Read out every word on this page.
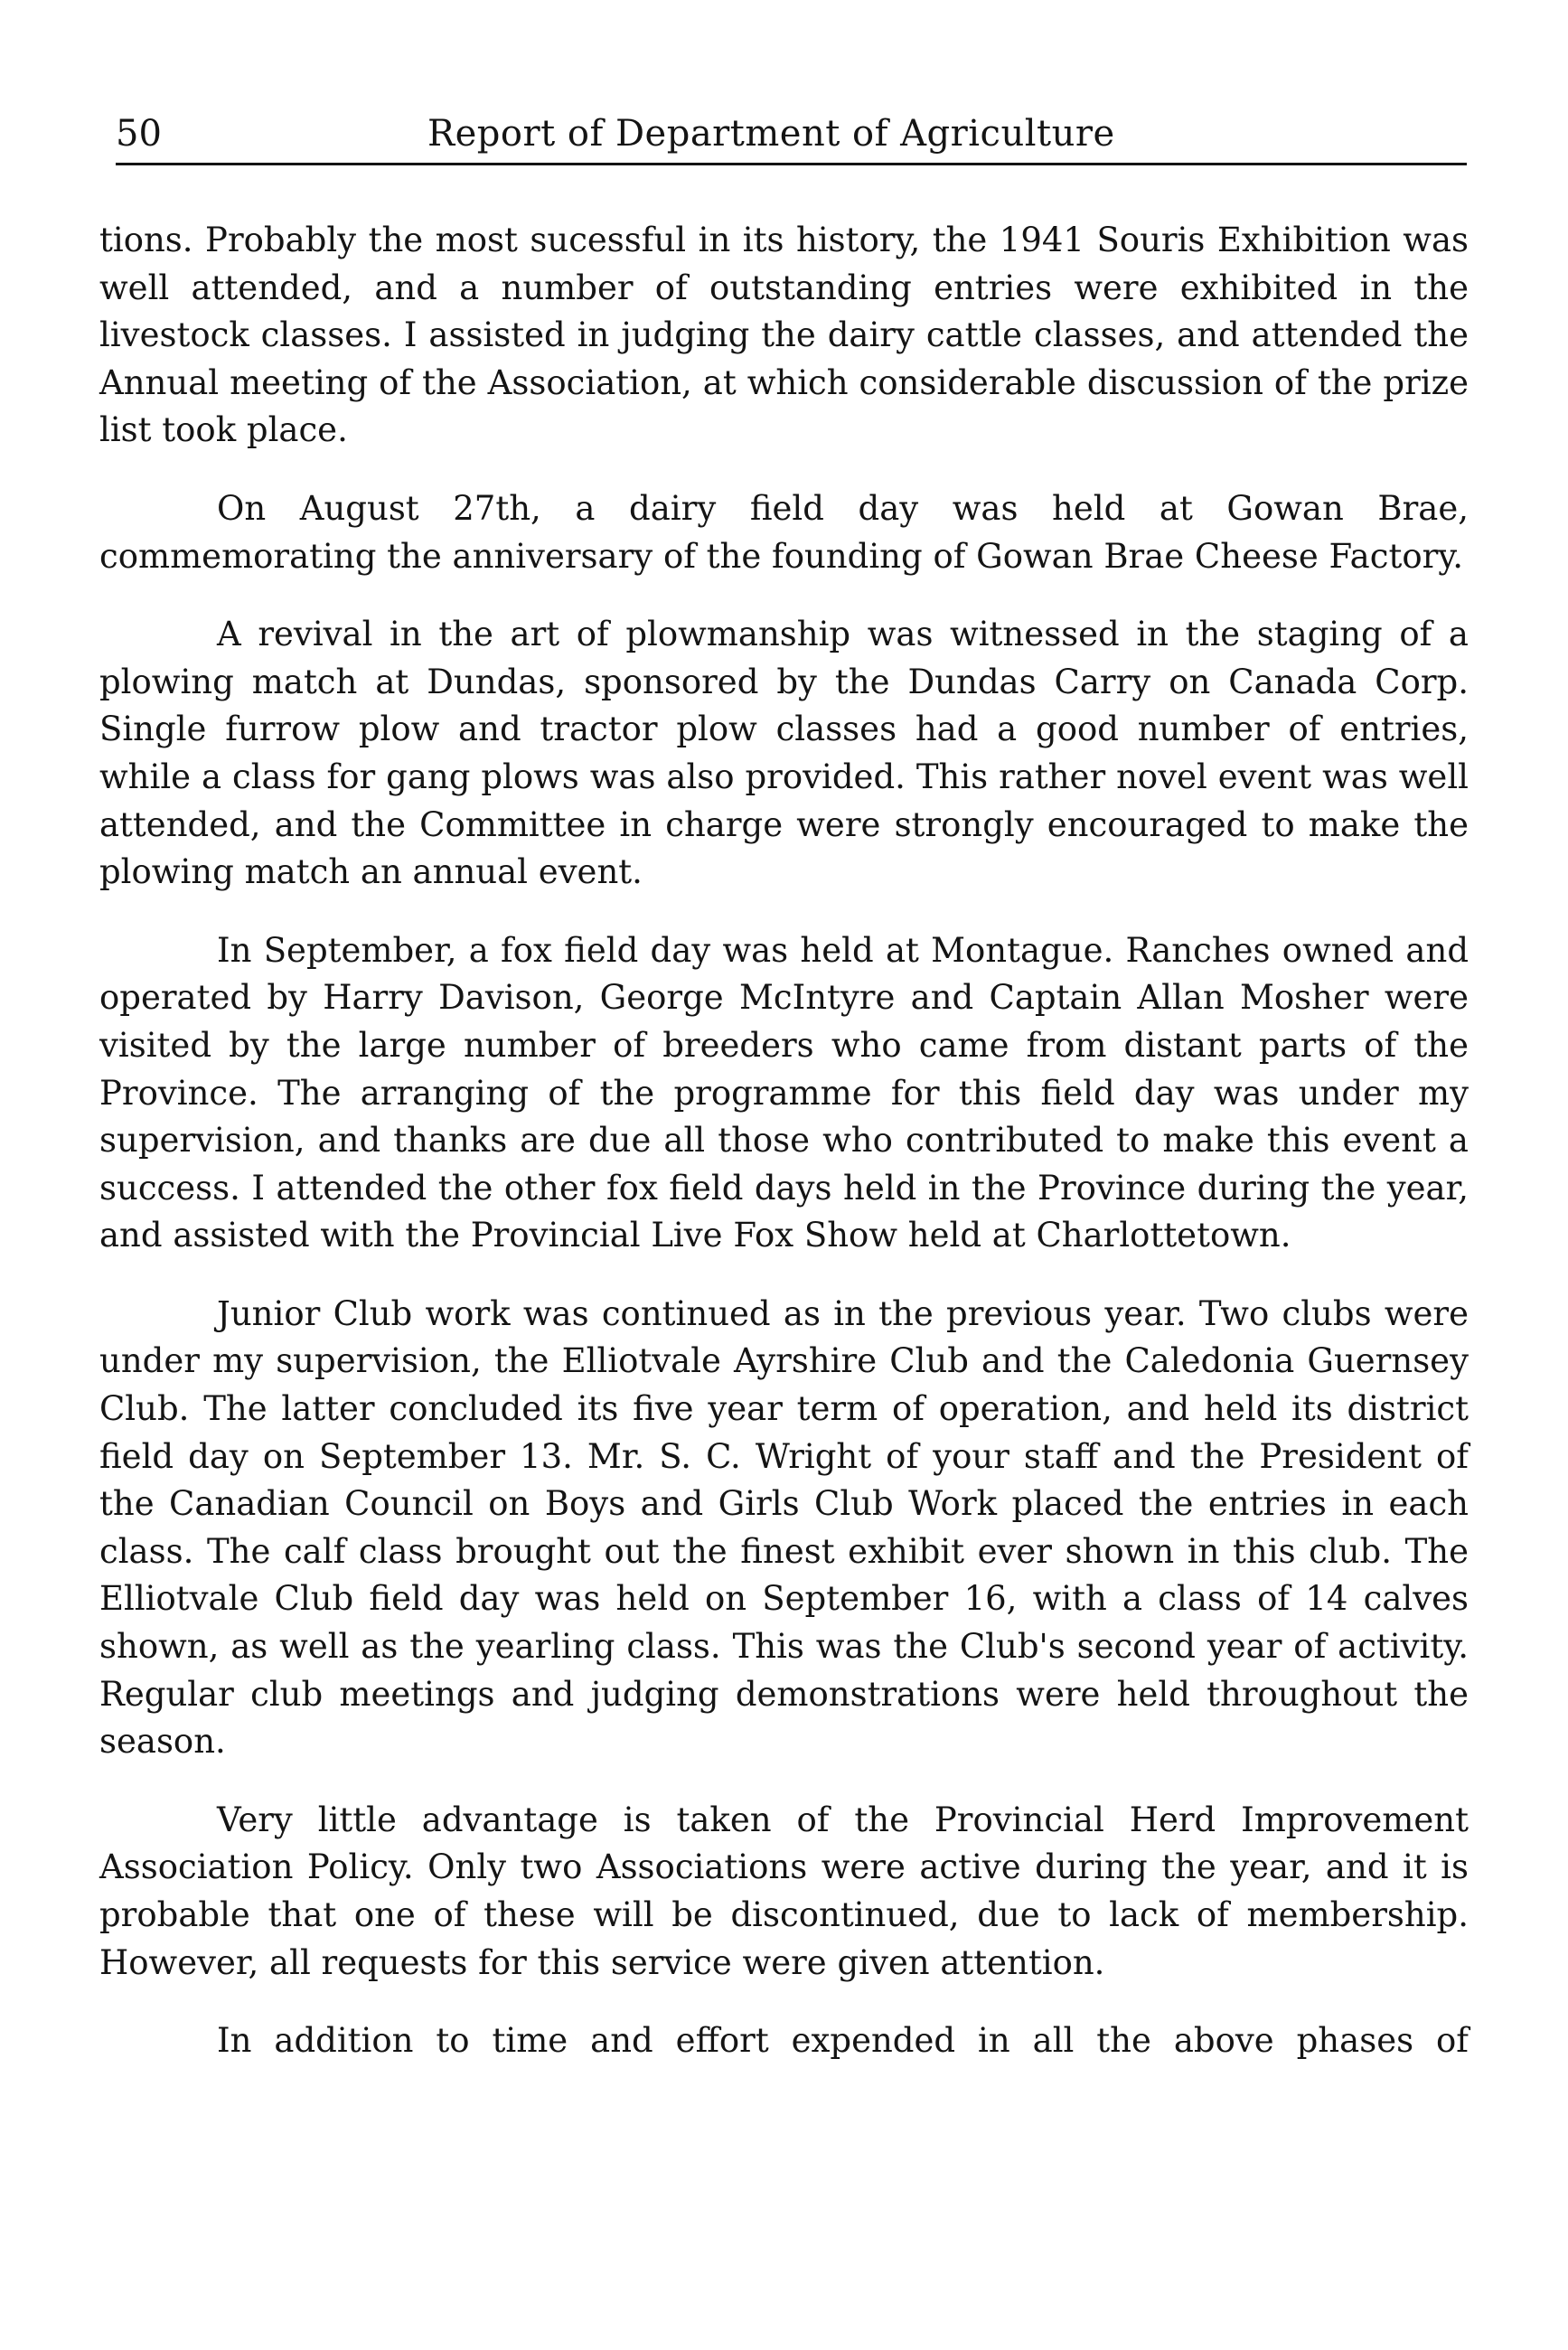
50	Report of Department of Agriculture

tions. Probably the most sucessful in its history, the 1941 Souris Exhibition was well attended, and a number of outstanding entries were exhibited in the livestock classes. I assisted in judging the dairy cattle classes, and attended the Annual meeting of the Association, at which considerable discussion of the prize list took place.

On August 27th, a dairy field day was held at Gowan Brae, commemorating the anniversary of the founding of Gowan Brae Cheese Factory.

A revival in the art of plowmanship was witnessed in the staging of a plowing match at Dundas, sponsored by the Dundas Carry on Canada Corp. Single furrow plow and tractor plow classes had a good number of entries, while a class for gang plows was also provided. This rather novel event was well attended, and the Committee in charge were strongly encouraged to make the plowing match an annual event.

In September, a fox field day was held at Montague. Ranches owned and operated by Harry Davison, George McIntyre and Captain Allan Mosher were visited by the large number of breeders who came from distant parts of the Province. The arranging of the programme for this field day was under my supervision, and thanks are due all those who contributed to make this event a success. I attended the other fox field days held in the Province during the year, and assisted with the Provincial Live Fox Show held at Charlottetown.

Junior Club work was continued as in the previous year. Two clubs were under my supervision, the Elliotvale Ayrshire Club and the Caledonia Guernsey Club. The latter concluded its five year term of operation, and held its district field day on September 13. Mr. S. C. Wright of your staff and the President of the Canadian Council on Boys and Girls Club Work placed the entries in each class. The calf class brought out the finest exhibit ever shown in this club. The Elliotvale Club field day was held on September 16, with a class of 14 calves shown, as well as the yearling class. This was the Club's second year of activity. Regular club meetings and judging demonstrations were held throughout the season.

Very little advantage is taken of the Provincial Herd Improvement Association Policy. Only two Associations were active during the year, and it is probable that one of these will be discontinued, due to lack of membership. However, all requests for this service were given attention.

In addition to time and effort expended in all the above phases of
